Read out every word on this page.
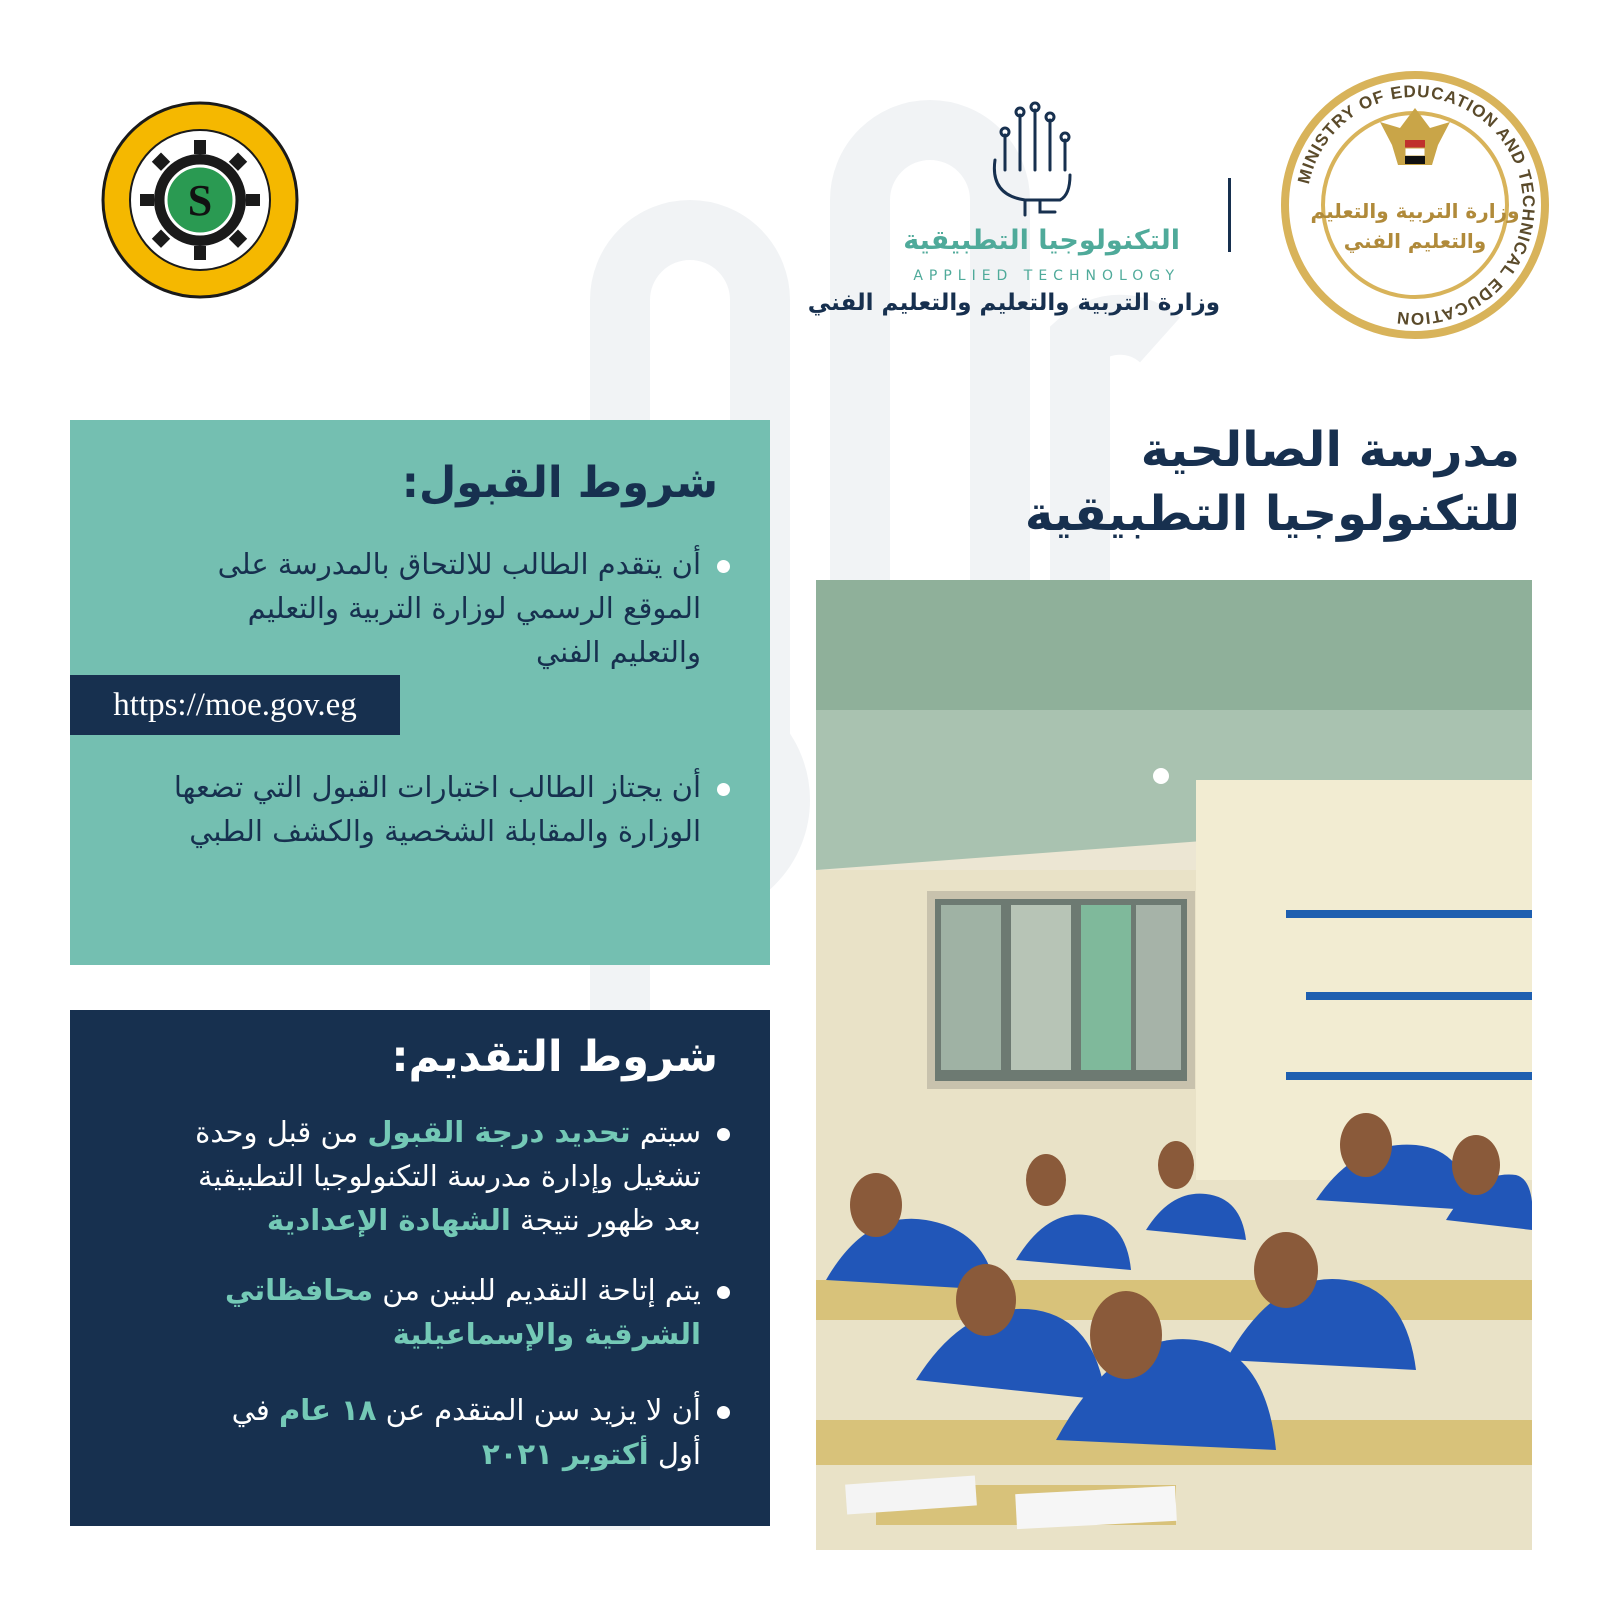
S
التكنولوجيا التطبيقية
APPLIED TECHNOLOGY
وزارة التربية والتعليم والتعليم الفني
MINISTRY OF EDUCATION AND TECHNICAL EDUCATION
وزارة التربية والتعليم
والتعليم الفني
مدرسة الصالحية
للتكنولوجيا التطبيقية
شروط القبول:
أن يتقدم الطالب للالتحاق بالمدرسة على
الموقع الرسمي لوزارة التربية والتعليم
والتعليم الفني
أن يجتاز الطالب اختبارات القبول التي تضعها
الوزارة والمقابلة الشخصية والكشف الطبي
https://moe.gov.eg
شروط التقديم:
سيتم تحديد درجة القبول من قبل وحدة
تشغيل وإدارة مدرسة التكنولوجيا التطبيقية
بعد ظهور نتيجة الشهادة الإعدادية
يتم إتاحة التقديم للبنين من محافظاتي
الشرقية والإسماعيلية
أن لا يزيد سن المتقدم عن ١٨ عام في
أول أكتوبر ٢٠٢١
